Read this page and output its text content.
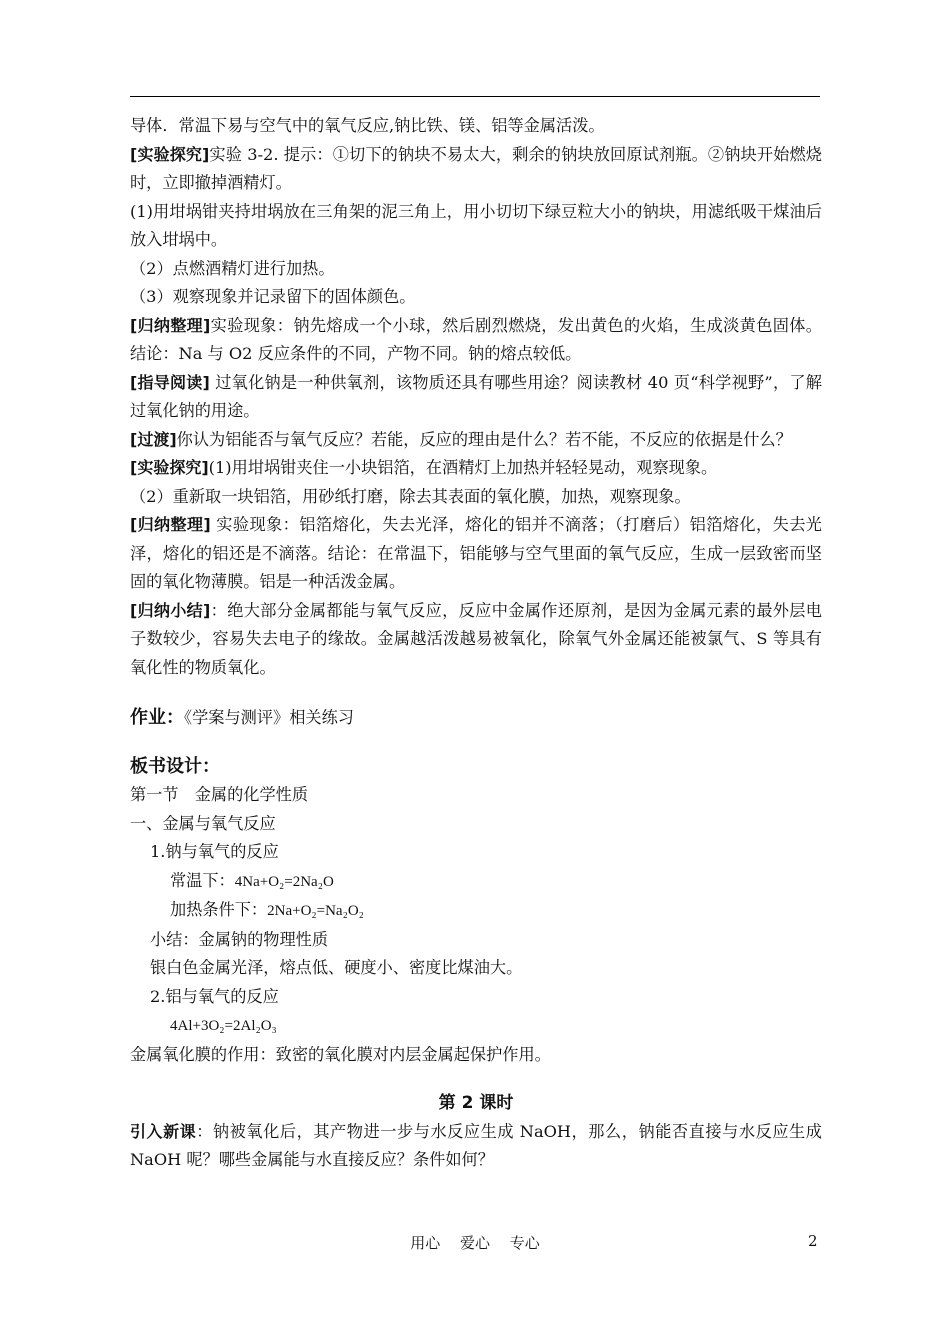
导体．常温下易与空气中的氧气反应,钠比铁、镁、铝等金属活泼。

[实验探究]实验 3-2. 提示：①切下的钠块不易太大，剩余的钠块放回原试剂瓶。②钠块开始燃烧时，立即撤掉酒精灯。

(1)用坩埚钳夹持坩埚放在三角架的泥三角上，用小切切下绿豆粒大小的钠块，用滤纸吸干煤油后放入坩埚中。

（2）点燃酒精灯进行加热。

（3）观察现象并记录留下的固体颜色。

[归纳整理]实验现象：钠先熔成一个小球，然后剧烈燃烧，发出黄色的火焰，生成淡黄色固体。结论：Na 与 O2 反应条件的不同，产物不同。钠的熔点较低。

[指导阅读] 过氧化钠是一种供氧剂，该物质还具有哪些用途？阅读教材 40 页“科学视野”，了解过氧化钠的用途。

[过渡]你认为铝能否与氧气反应？若能，反应的理由是什么？若不能，不反应的依据是什么？

[实验探究](1)用坩埚钳夹住一小块铝箔，在酒精灯上加热并轻轻晃动，观察现象。

（2）重新取一块铝箔，用砂纸打磨，除去其表面的氧化膜，加热，观察现象。

[归纳整理] 实验现象：铝箔熔化，失去光泽，熔化的铝并不滴落；（打磨后）铝箔熔化，失去光泽，熔化的铝还是不滴落。结论：在常温下，铝能够与空气里面的氧气反应，生成一层致密而坚固的氧化物薄膜。铝是一种活泼金属。

[归纳小结]：绝大部分金属都能与氧气反应，反应中金属作还原剂，是因为金属元素的最外层电子数较少，容易失去电子的缘故。金属越活泼越易被氧化，除氧气外金属还能被氯气、S 等具有氧化性的物质氧化。

作业：《学案与测评》相关练习

板书设计：

第一节　金属的化学性质

一、金属与氧气反应

1.钠与氧气的反应

常温下：4Na+O₂=2Na₂O

加热条件下：2Na+O₂=Na₂O₂

小结：金属钠的物理性质

银白色金属光泽，熔点低、硬度小、密度比煤油大。

2.铝与氧气的反应

4Al+3O₂=2Al₂O₃

金属氧化膜的作用：致密的氧化膜对内层金属起保护作用。

第 2 课时

引入新课：钠被氧化后，其产物进一步与水反应生成 NaOH，那么，钠能否直接与水反应生成 NaOH 呢？哪些金属能与水直接反应？条件如何？

用心　 爱心　 专心	2
